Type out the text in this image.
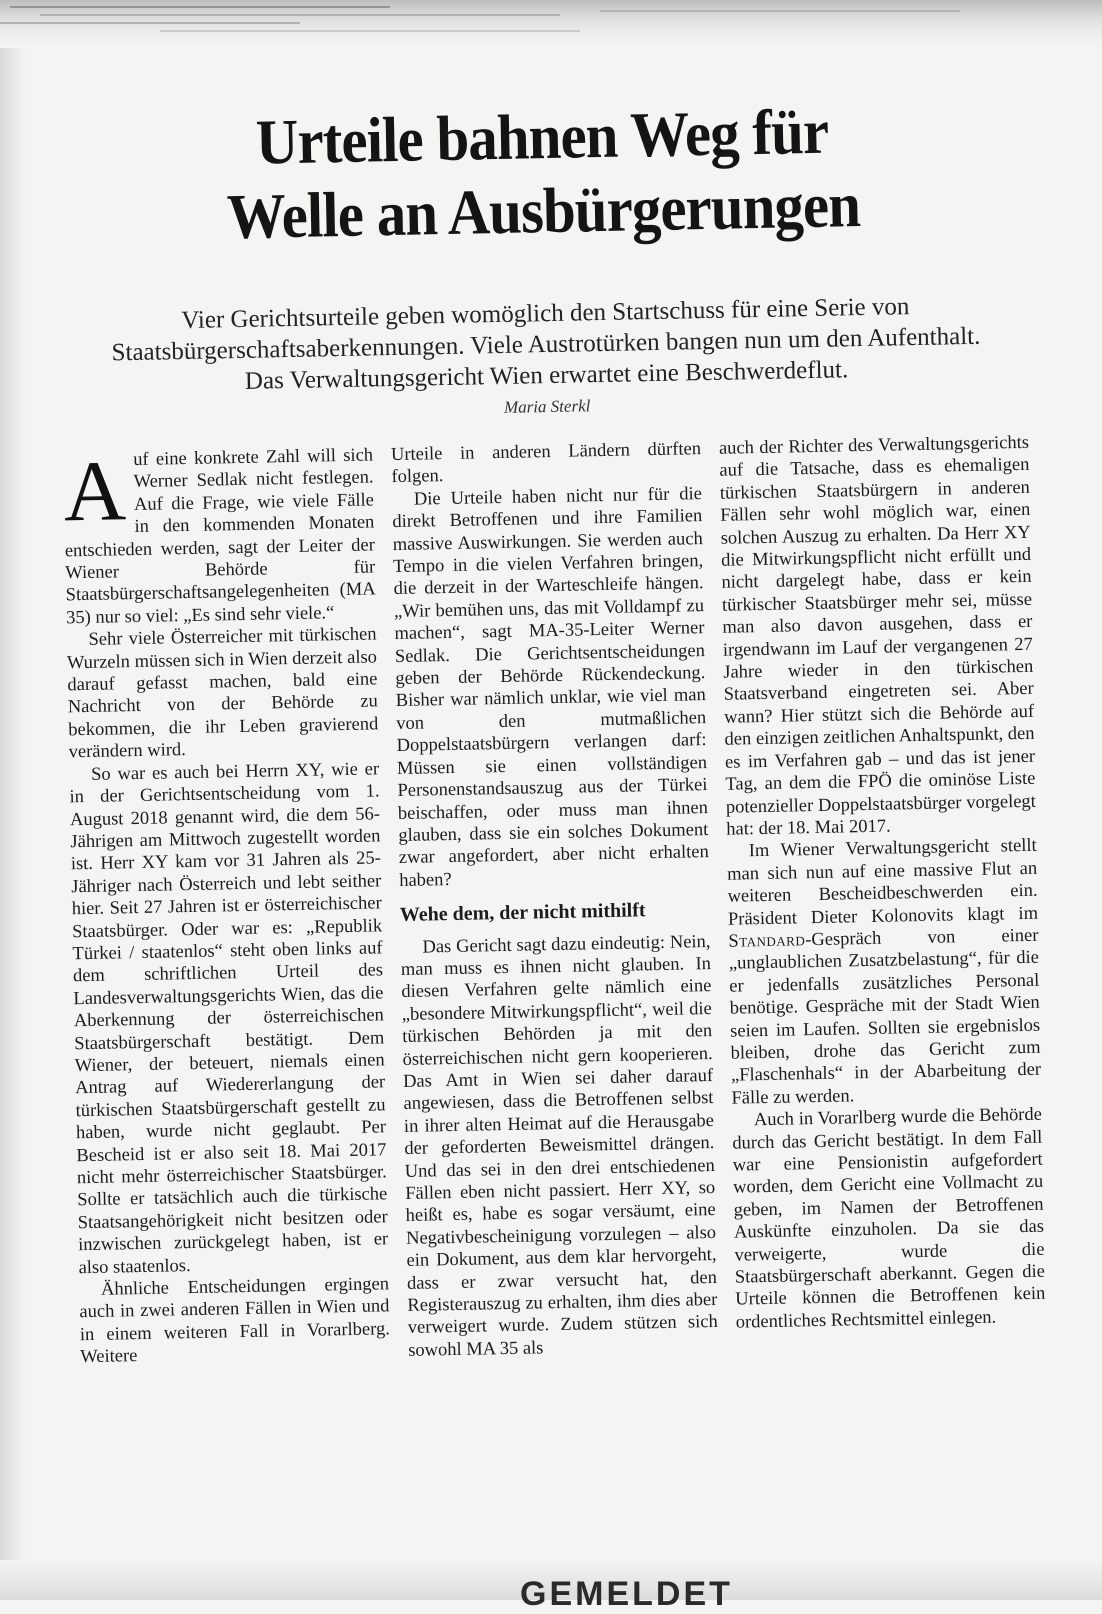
Urteile bahnen Weg für
Welle an Ausbürgerungen
Vier Gerichtsurteile geben womöglich den Startschuss für eine Serie von Staatsbürgerschaftsaberkennungen. Viele Austrotürken bangen nun um den Aufenthalt. Das Verwaltungsgericht Wien erwartet eine Beschwerdeflut.
Maria Sterkl

Auf eine konkrete Zahl will sich Werner Sedlak nicht festlegen. Auf die Frage, wie viele Fälle in den kommenden Monaten entschieden werden, sagt der Leiter der Wiener Behörde für Staatsbürgerschaftsangelegenheiten (MA 35) nur so viel: „Es sind sehr viele.“

Sehr viele Österreicher mit türkischen Wurzeln müssen sich in Wien derzeit also darauf gefasst machen, bald eine Nachricht von der Behörde zu bekommen, die ihr Leben gravierend verändern wird.

So war es auch bei Herrn XY, wie er in der Gerichtsentscheidung vom 1. August 2018 genannt wird, die dem 56-Jährigen am Mittwoch zugestellt worden ist. Herr XY kam vor 31 Jahren als 25-Jähriger nach Österreich und lebt seither hier. Seit 27 Jahren ist er österreichischer Staatsbürger. Oder war es: „Republik Türkei / staatenlos“ steht oben links auf dem schriftlichen Urteil des Landesverwaltungsgerichts Wien, das die Aberkennung der österreichischen Staatsbürgerschaft bestätigt. Dem Wiener, der beteuert, niemals einen Antrag auf Wiedererlangung der türkischen Staatsbürgerschaft gestellt zu haben, wurde nicht geglaubt. Per Bescheid ist er also seit 18. Mai 2017 nicht mehr österreichischer Staatsbürger. Sollte er tatsächlich auch die türkische Staatsangehörigkeit nicht besitzen oder inzwischen zurückgelegt haben, ist er also staatenlos.

Ähnliche Entscheidungen ergingen auch in zwei anderen Fällen in Wien und in einem weiteren Fall in Vorarlberg. Weitere

Urteile in anderen Ländern dürften folgen.

Die Urteile haben nicht nur für die direkt Betroffenen und ihre Familien massive Auswirkungen. Sie werden auch Tempo in die vielen Verfahren bringen, die derzeit in der Warteschleife hängen. „Wir bemühen uns, das mit Volldampf zu machen“, sagt MA-35-Leiter Werner Sedlak. Die Gerichtsentscheidungen geben der Behörde Rückendeckung. Bisher war nämlich unklar, wie viel man von den mutmaßlichen Doppelstaatsbürgern verlangen darf: Müssen sie einen vollständigen Personenstandsauszug aus der Türkei beischaffen, oder muss man ihnen glauben, dass sie ein solches Dokument zwar angefordert, aber nicht erhalten haben?

Wehe dem, der nicht mithilft

Das Gericht sagt dazu eindeutig: Nein, man muss es ihnen nicht glauben. In diesen Verfahren gelte nämlich eine „besondere Mitwirkungspflicht“, weil die türkischen Behörden ja mit den österreichischen nicht gern kooperieren. Das Amt in Wien sei daher darauf angewiesen, dass die Betroffenen selbst in ihrer alten Heimat auf die Herausgabe der geforderten Beweismittel drängen. Und das sei in den drei entschiedenen Fällen eben nicht passiert. Herr XY, so heißt es, habe es sogar versäumt, eine Negativbescheinigung vorzulegen – also ein Dokument, aus dem klar hervorgeht, dass er zwar versucht hat, den Registerauszug zu erhalten, ihm dies aber verweigert wurde. Zudem stützen sich sowohl MA 35 als

auch der Richter des Verwaltungsgerichts auf die Tatsache, dass es ehemaligen türkischen Staatsbürgern in anderen Fällen sehr wohl möglich war, einen solchen Auszug zu erhalten. Da Herr XY die Mitwirkungspflicht nicht erfüllt und nicht dargelegt habe, dass er kein türkischer Staatsbürger mehr sei, müsse man also davon ausgehen, dass er irgendwann im Lauf der vergangenen 27 Jahre wieder in den türkischen Staatsverband eingetreten sei. Aber wann? Hier stützt sich die Behörde auf den einzigen zeitlichen Anhaltspunkt, den es im Verfahren gab – und das ist jener Tag, an dem die FPÖ die ominöse Liste potenzieller Doppelstaatsbürger vorgelegt hat: der 18. Mai 2017.

Im Wiener Verwaltungsgericht stellt man sich nun auf eine massive Flut an weiteren Bescheidbeschwerden ein. Präsident Dieter Kolonovits klagt im Standard-Gespräch von einer „unglaublichen Zusatzbelastung“, für die er jedenfalls zusätzliches Personal benötige. Gespräche mit der Stadt Wien seien im Laufen. Sollten sie ergebnislos bleiben, drohe das Gericht zum „Flaschenhals“ in der Abarbeitung der Fälle zu werden.

Auch in Vorarlberg wurde die Behörde durch das Gericht bestätigt. In dem Fall war eine Pensionistin aufgefordert worden, dem Gericht eine Vollmacht zu geben, im Namen der Betroffenen Auskünfte einzuholen. Da sie das verweigerte, wurde die Staatsbürgerschaft aberkannt. Gegen die Urteile können die Betroffenen kein ordentliches Rechtsmittel einlegen.

GEMELDET
